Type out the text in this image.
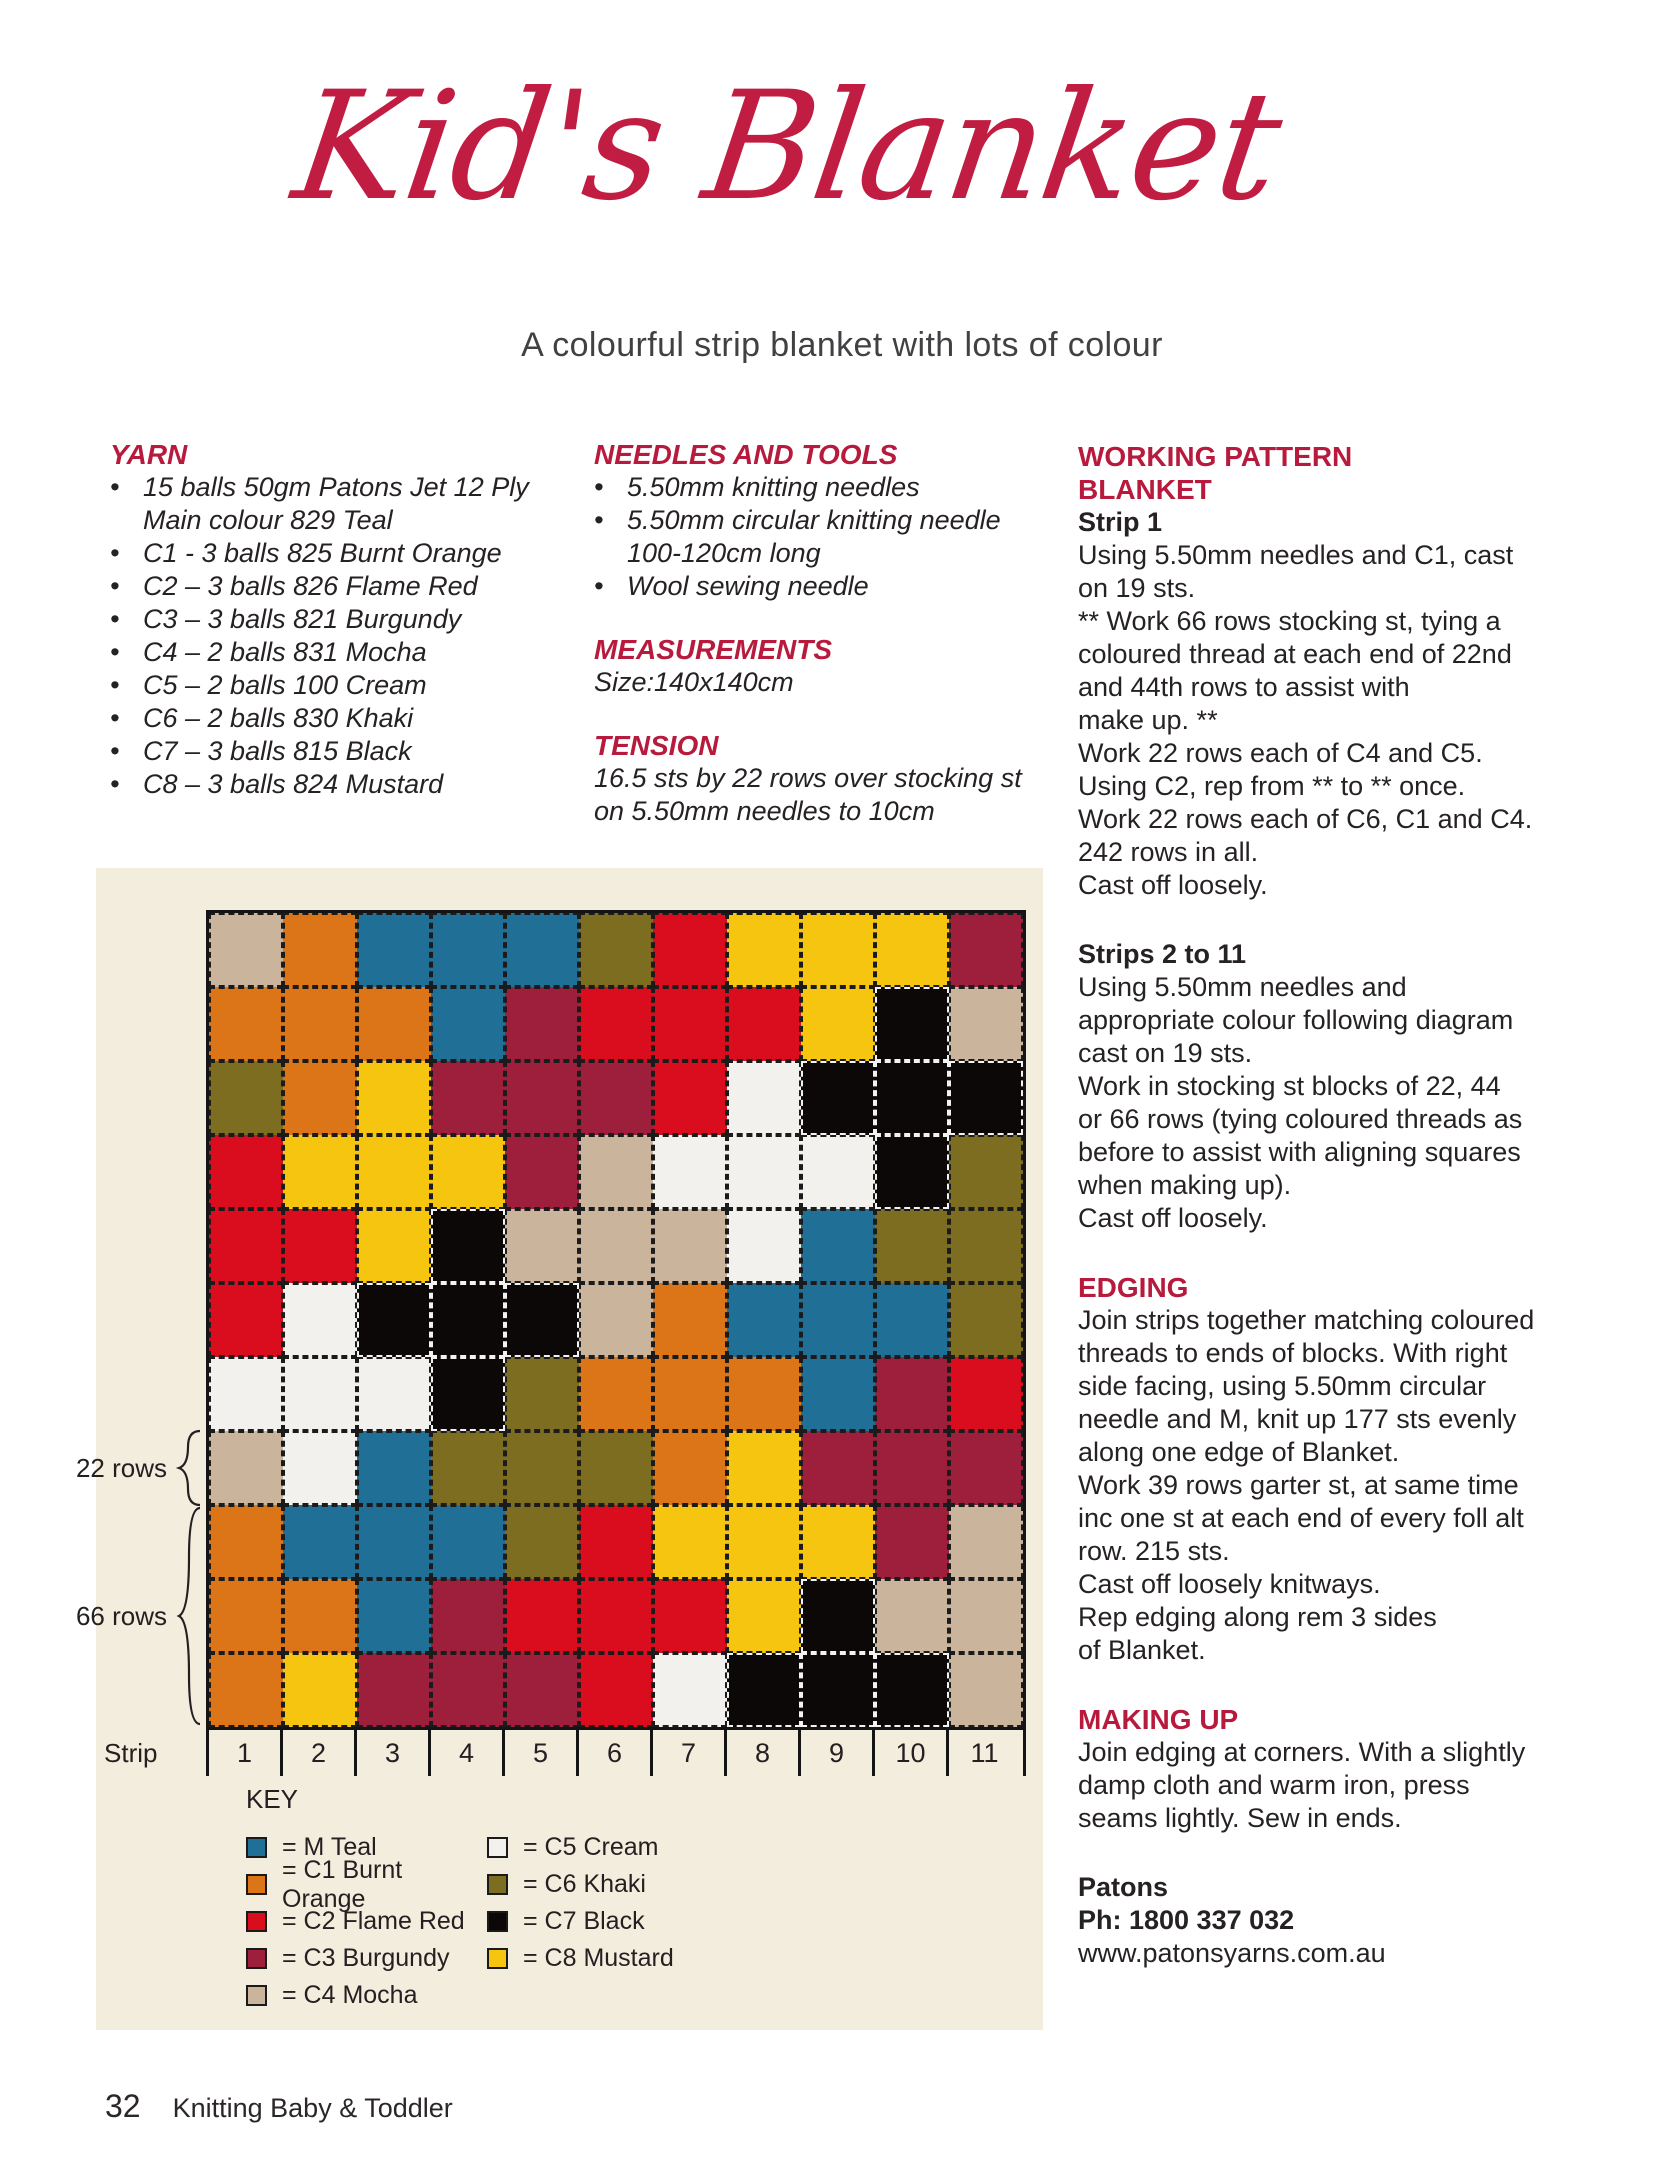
Kid's Blanket
A colourful strip blanket with lots of colour
YARN
• 15 balls 50gm Patons Jet 12 Ply
Main colour 829 Teal
• C1 - 3 balls 825 Burnt Orange
• C2 – 3 balls 826 Flame Red
• C3 – 3 balls 821 Burgundy
• C4 – 2 balls 831 Mocha
• C5 – 2 balls 100 Cream
• C6 – 2 balls 830 Khaki
• C7 – 3 balls 815 Black
• C8 – 3 balls 824 Mustard
NEEDLES AND TOOLS
• 5.50mm knitting needles
• 5.50mm circular knitting needle
100-120cm long
• Wool sewing needle
MEASUREMENTS
Size:140x140cm
TENSION
16.5 sts by 22 rows over stocking st
on 5.50mm needles to 10cm
WORKING PATTERN
BLANKET
Strip 1
Using 5.50mm needles and C1, cast
on 19 sts.
** Work 66 rows stocking st, tying a
coloured thread at each end of 22nd
and 44th rows to assist with
make up. **
Work 22 rows each of C4 and C5.
Using C2, rep from ** to ** once.
Work 22 rows each of C6, C1 and C4.
242 rows in all.
Cast off loosely.
Strips 2 to 11
Using 5.50mm needles and
appropriate colour following diagram
cast on 19 sts.
Work in stocking st blocks of 22, 44
or 66 rows (tying coloured threads as
before to assist with aligning squares
when making up).
Cast off loosely.
EDGING
Join strips together matching coloured
threads to ends of blocks. With right
side facing, using 5.50mm circular
needle and M, knit up 177 sts evenly
along one edge of Blanket.
Work 39 rows garter st, at same time
inc one st at each end of every foll alt
row. 215 sts.
Cast off loosely knitways.
Rep edging along rem 3 sides
of Blanket.
MAKING UP
Join edging at corners. With a slightly
damp cloth and warm iron, press
seams lightly. Sew in ends.
Patons
Ph: 1800 337 032
www.patonsyarns.com.au
22 rows
66 rows
Strip	1	2	3	4	5	6	7	8	9	10	11
KEY
= M Teal
= C1 Burnt Orange
= C2 Flame Red
= C3 Burgundy
= C4 Mocha
= C5 Cream
= C6 Khaki
= C7 Black
= C8 Mustard
32 Knitting Baby & Toddler
